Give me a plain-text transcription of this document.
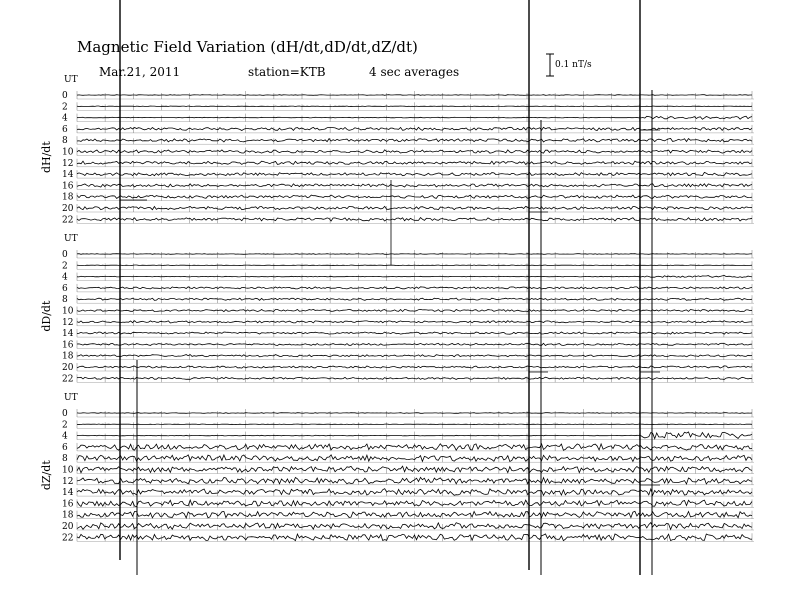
Magnetic Field Variation (dH/dt,dD/dt,dZ/dt)
Mar.21, 2011	station=KTB	4 sec averages	0.1 nT/s
UT
dH/dt
0
2
4
6
8
10
12
14
16
18
20
22
UT
dD/dt
0
2
4
6
8
10
12
14
16
18
20
22
UT
dZ/dt
0
2
4
6
8
10
12
14
16
18
20
22
